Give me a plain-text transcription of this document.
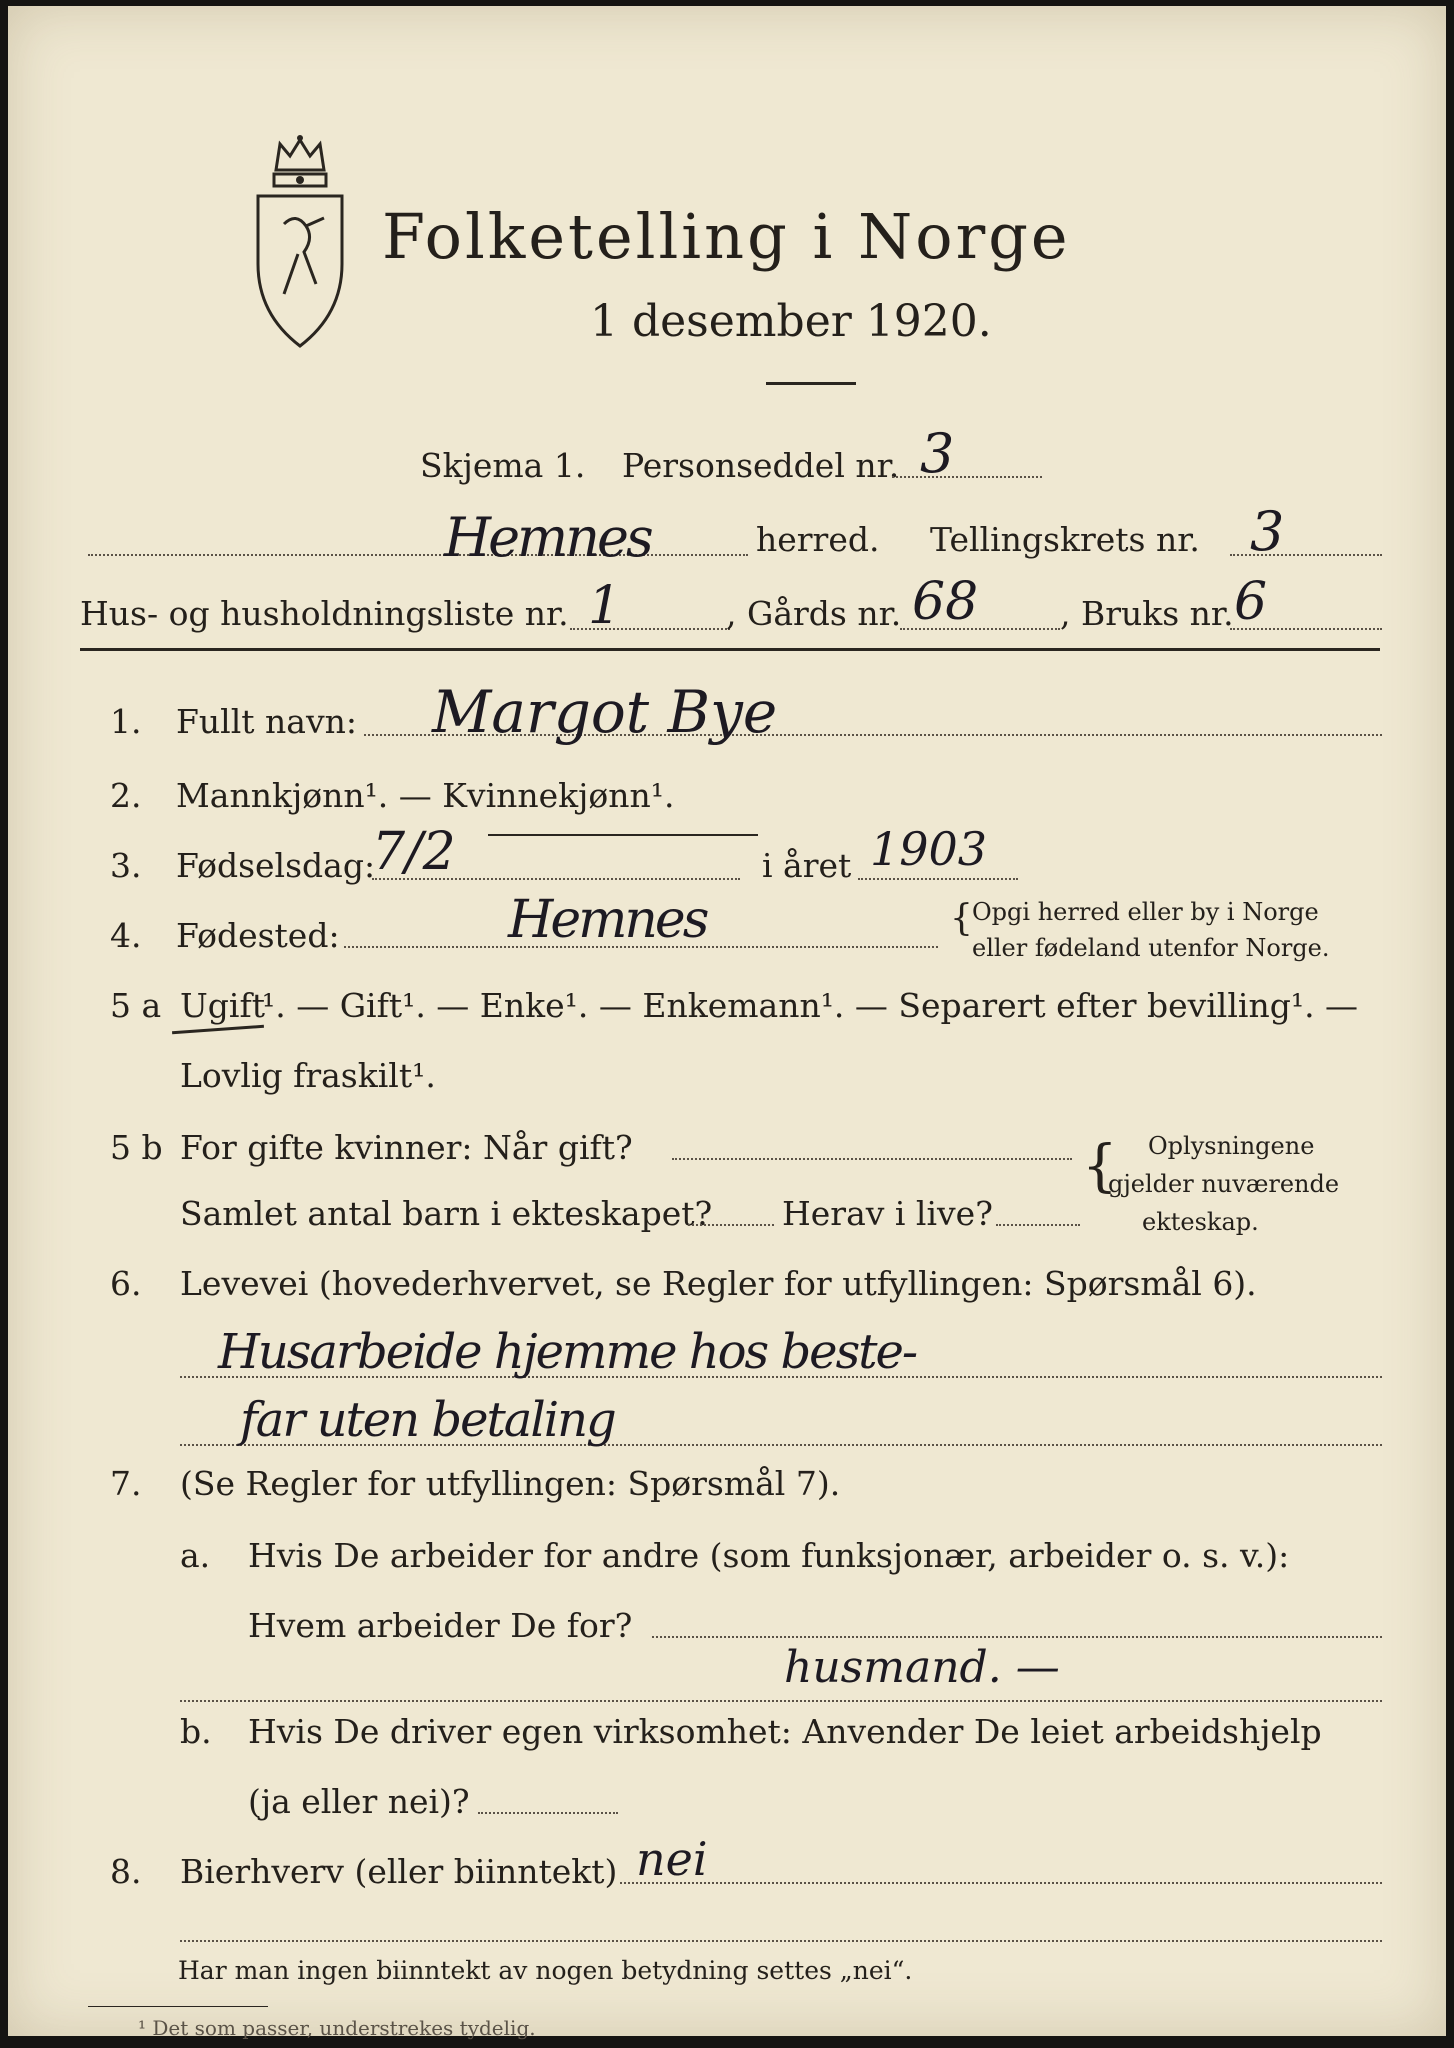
Folketelling i Norge
1 desember 1920.
Skjema 1. Personseddel nr. 3
Hemnes	herred. Tellingskrets nr. 3
Hus- og husholdningsliste nr. 1	, Gårds nr. 68 , Bruks nr. 6
1. Fullt navn: Margot Bye
2. Mannkjønn¹. — Kvinnekjønn¹.
3. Fødselsdag:
7/2	i året 1903
4. Fødested:	Hemnes	{ Opgi herred eller by i Norge
eller fødeland utenfor Norge.
5 a Ugift
¹. — Gift¹. — Enke¹. — Enkemann¹. — Separert efter bevilling¹. —
Lovlig fraskilt¹.
5 b For gifte kvinner: Når gift?
Samlet antal barn i ekteskapet? Herav i live?
{ Oplysningene
gjelder nuværende
ekteskap.
6. Levevei (hovederhvervet, se Regler for utfyllingen: Spørsmål 6).
Husarbeide hjemme hos beste-
far uten betaling
7. (Se Regler for utfyllingen: Spørsmål 7).
a. Hvis De arbeider for andre (som funksjonær, arbeider o. s. v.):
Hvem arbeider De for?
husmand. —
b. Hvis De driver egen virksomhet: Anvender De leiet arbeidshjelp
(ja eller nei)?
8. Bierhverv (eller biinntekt) nei
Har man ingen biinntekt av nogen betydning settes „nei“.
¹ Det som passer, understrekes tydelig.
